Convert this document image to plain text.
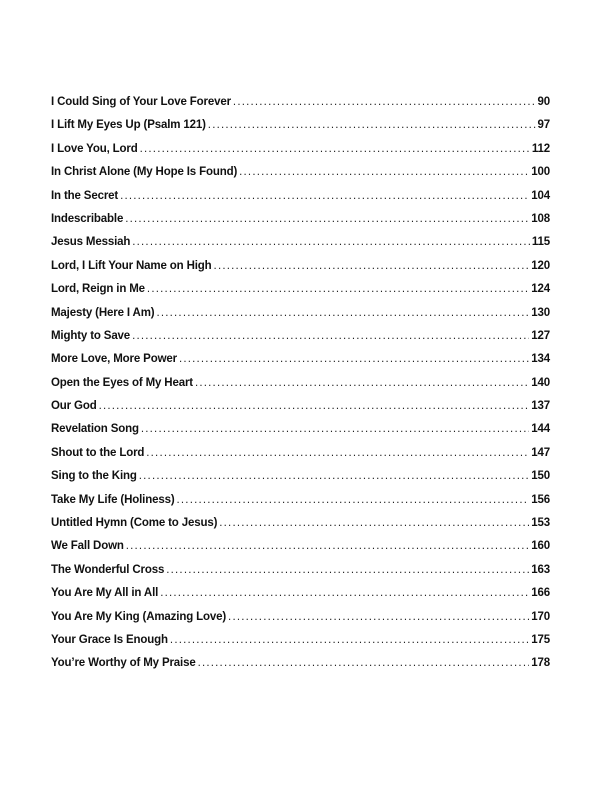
I Could Sing of Your Love Forever .....	90
I Lift My Eyes Up (Psalm 121) .....	97
I Love You, Lord .....	112
In Christ Alone (My Hope Is Found) .....	100
In the Secret .....	104
Indescribable .....	108
Jesus Messiah .....	115
Lord, I Lift Your Name on High .....	120
Lord, Reign in Me .....	124
Majesty (Here I Am) .....	130
Mighty to Save .....	127
More Love, More Power .....	134
Open the Eyes of My Heart .....	140
Our God .....	137
Revelation Song .....	144
Shout to the Lord .....	147
Sing to the King .....	150
Take My Life (Holiness) .....	156
Untitled Hymn (Come to Jesus) .....	153
We Fall Down .....	160
The Wonderful Cross .....	163
You Are My All in All .....	166
You Are My King (Amazing Love) .....	170
Your Grace Is Enough .....	175
You’re Worthy of My Praise .....	178
